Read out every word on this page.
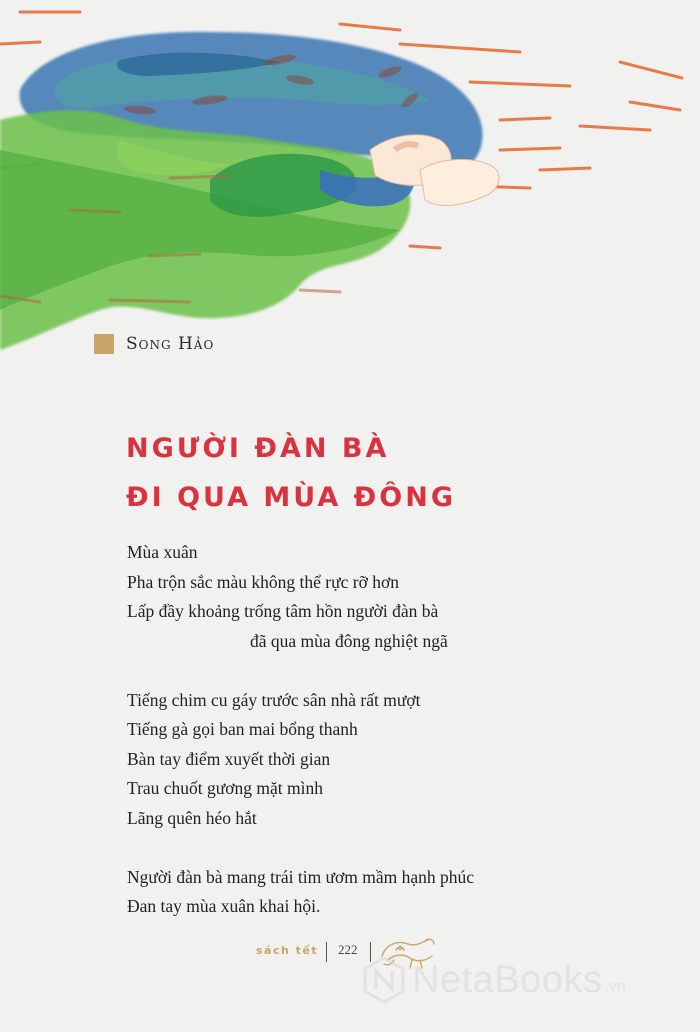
Song Hảo
NGƯỜI ĐÀN BÀ
ĐI QUA MÙA ĐÔNG
Mùa xuân
Pha trộn sắc màu không thể rực rỡ hơn
Lấp đầy khoảng trống tâm hồn người đàn bà
đã qua mùa đông nghiệt ngã
Tiếng chim cu gáy trước sân nhà rất mượt
Tiếng gà gọi ban mai bổng thanh
Bàn tay điểm xuyết thời gian
Trau chuốt gương mặt mình
Lãng quên héo hắt
Người đàn bà mang trái tim ươm mầm hạnh phúc
Đan tay mùa xuân khai hội.
sách tết 222
NetaBooks .vn
